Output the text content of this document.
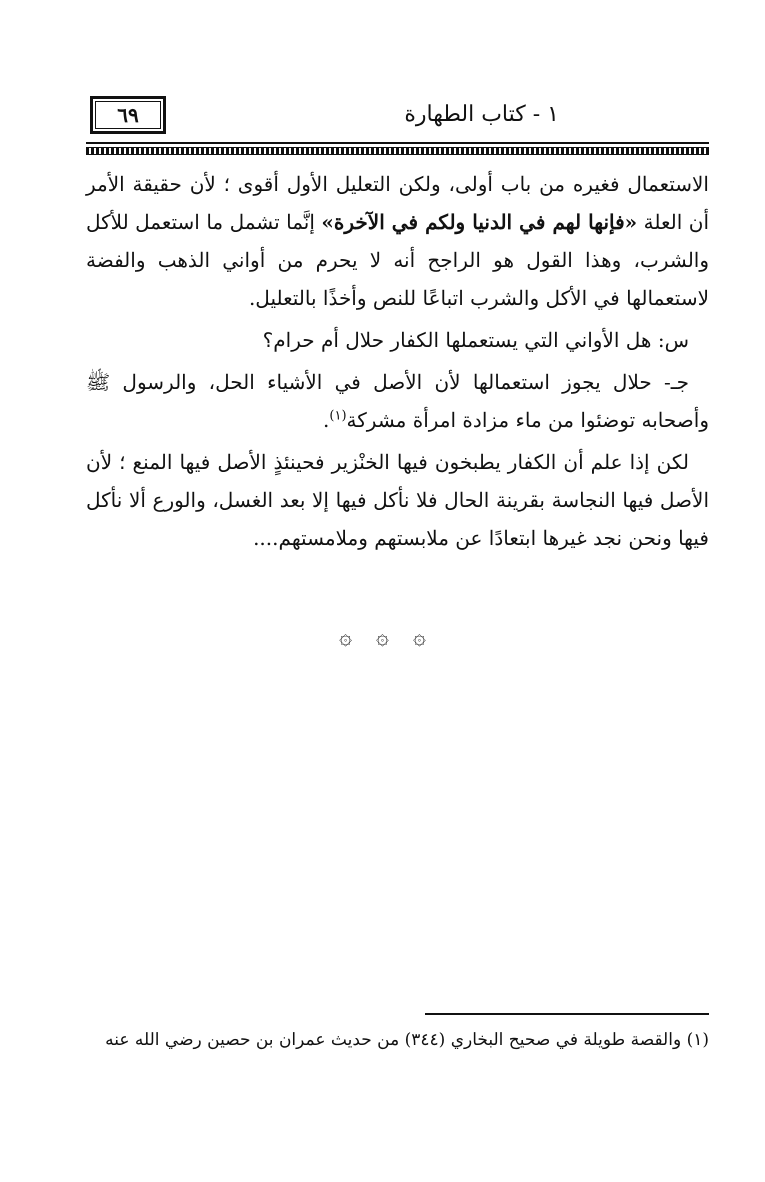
٦٩	١ - كتاب الطهارة

الاستعمال فغيره من باب أولى، ولكن التعليل الأول أقوى ؛ لأن حقيقة الأمر أن العلة «فإنها لهم في الدنيا ولكم في الآخرة» إنَّما تشمل ما استعمل للأكل والشرب، وهذا القول هو الراجح أنه لا يحرم من أواني الذهب والفضة لاستعمالها في الأكل والشرب اتباعًا للنص وأخذًا بالتعليل.

س: هل الأواني التي يستعملها الكفار حلال أم حرام؟

جـ- حلال يجوز استعمالها لأن الأصل في الأشياء الحل، والرسول ﷺ وأصحابه توضئوا من ماء مزادة امرأة مشركة$^{(١)}$.

لكن إذا علم أن الكفار يطبخون فيها الخنْزير فحينئذٍ الأصل فيها المنع ؛ لأن الأصل فيها النجاسة بقرينة الحال فلا نأكل فيها إلا بعد الغسل، والورع ألا نأكل فيها ونحن نجد غيرها ابتعادًا عن ملابستهم وملامستهم....

۞ ۞ ۞
(١) والقصة طويلة في صحيح البخاري (٣٤٤) من حديث عمران بن حصين رضي الله عنه
